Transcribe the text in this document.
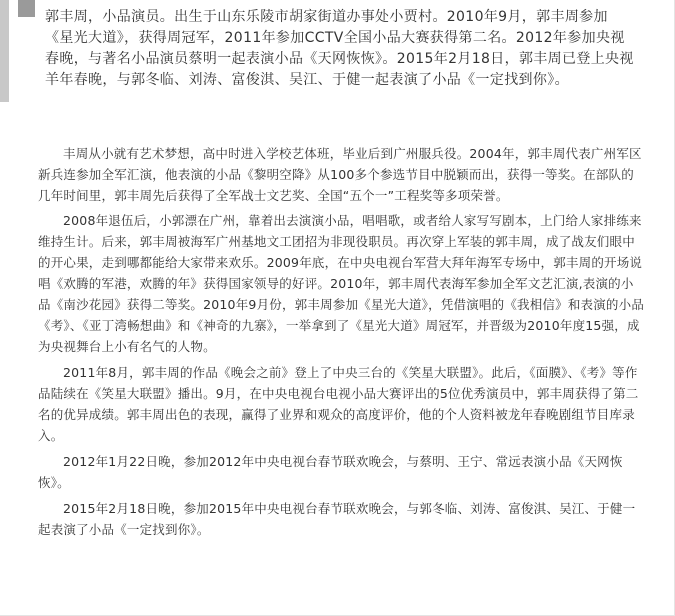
郭丰周，小品演员。出生于山东乐陵市胡家街道办事处小贾村。2010年9月，郭丰周参加《星光大道》，获得周冠军，2011年参加CCTV全国小品大赛获得第二名。2012年参加央视春晚，与著名小品演员蔡明一起表演小品《天网恢恢》。2015年2月18日，郭丰周已登上央视羊年春晚，与郭冬临、刘涛、富俊淇、吴江、于健一起表演了小品《一定找到你》。

丰周从小就有艺术梦想，高中时进入学校艺体班，毕业后到广州服兵役。2004年，郭丰周代表广州军区新兵连参加全军汇演，他表演的小品《黎明空降》从100多个参选节目中脱颖而出，获得一等奖。在部队的几年时间里，郭丰周先后获得了全军战士文艺奖、全国“五个一”工程奖等多项荣誉。

2008年退伍后，小郭漂在广州，靠着出去演演小品，唱唱歌，或者给人家写写剧本，上门给人家排练来维持生计。后来，郭丰周被海军广州基地文工团招为非现役职员。再次穿上军装的郭丰周，成了战友们眼中的开心果，走到哪都能给大家带来欢乐。2009年底，在中央电视台军营大拜年海军专场中，郭丰周的开场说唱《欢腾的军港，欢腾的年》获得国家领导的好评。2010年，郭丰周代表海军参加全军文艺汇演,表演的小品《南沙花园》获得二等奖。2010年9月份，郭丰周参加《星光大道》，凭借演唱的《我相信》和表演的小品《考》、《亚丁湾畅想曲》和《神奇的九寨》，一举拿到了《星光大道》周冠军，并晋级为2010年度15强，成为央视舞台上小有名气的人物。

2011年8月，郭丰周的作品《晚会之前》登上了中央三台的《笑星大联盟》。此后，《面膜》、《考》等作品陆续在《笑星大联盟》播出。9月，在中央电视台电视小品大赛评出的5位优秀演员中，郭丰周获得了第二名的优异成绩。郭丰周出色的表现，赢得了业界和观众的高度评价，他的个人资料被龙年春晚剧组节目库录入。

2012年1月22日晚，参加2012年中央电视台春节联欢晚会，与蔡明、王宁、常远表演小品《天网恢恢》。

2015年2月18日晚，参加2015年中央电视台春节联欢晚会，与郭冬临、刘涛、富俊淇、吴江、于健一起表演了小品《一定找到你》。
